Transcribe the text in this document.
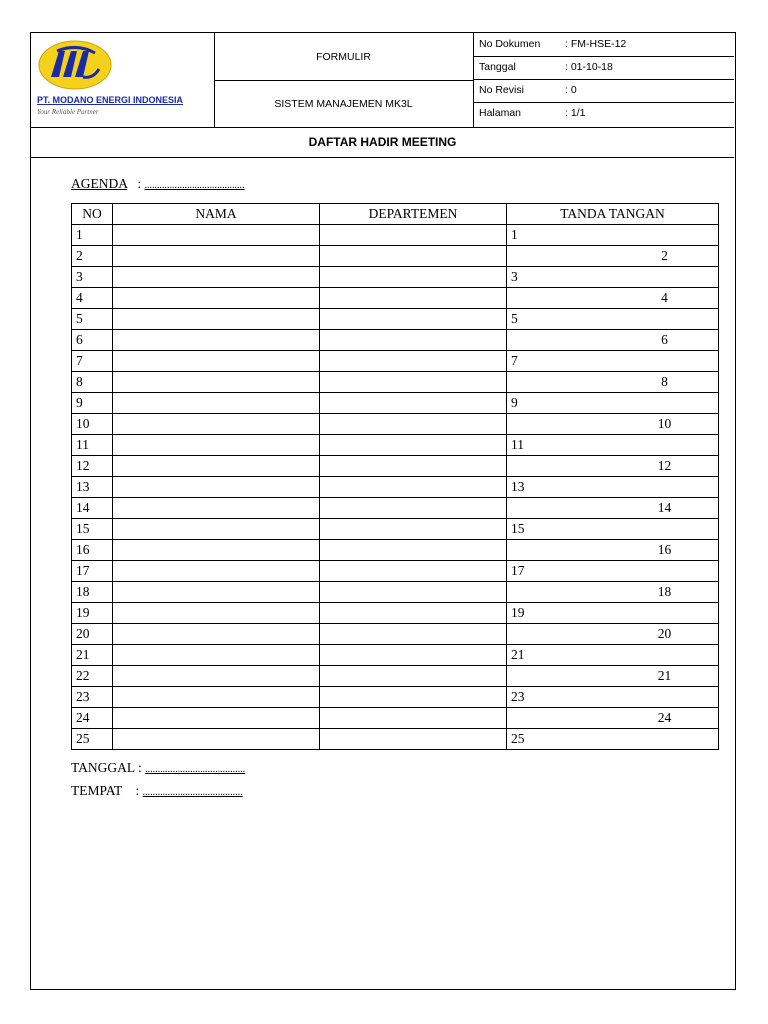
PT. MODANO ENERGI INDONESIA
Your Reliable Partner
FORMULIR
SISTEM MANAJEMEN MK3L
No Dokumen : FM-HSE-12
Tanggal	: 01-10-18
No Revisi	: 0
Halaman	: 1/1
DAFTAR HADIR MEETING
AGENDA   : ........................................
NO	NAMA	DEPARTEMEN	TANDA TANGAN
1			1

2			2

3			3

4			4

5			5

6			6

7			7

8			8

9			9

10			10

11			11

12			12

13			13

14			14

15			15

16			16

17			17

18			18

19			19

20			20

21			21

22			21

23			23

24			24

25			25
TANGGAL : ........................................
TEMPAT    : ........................................
